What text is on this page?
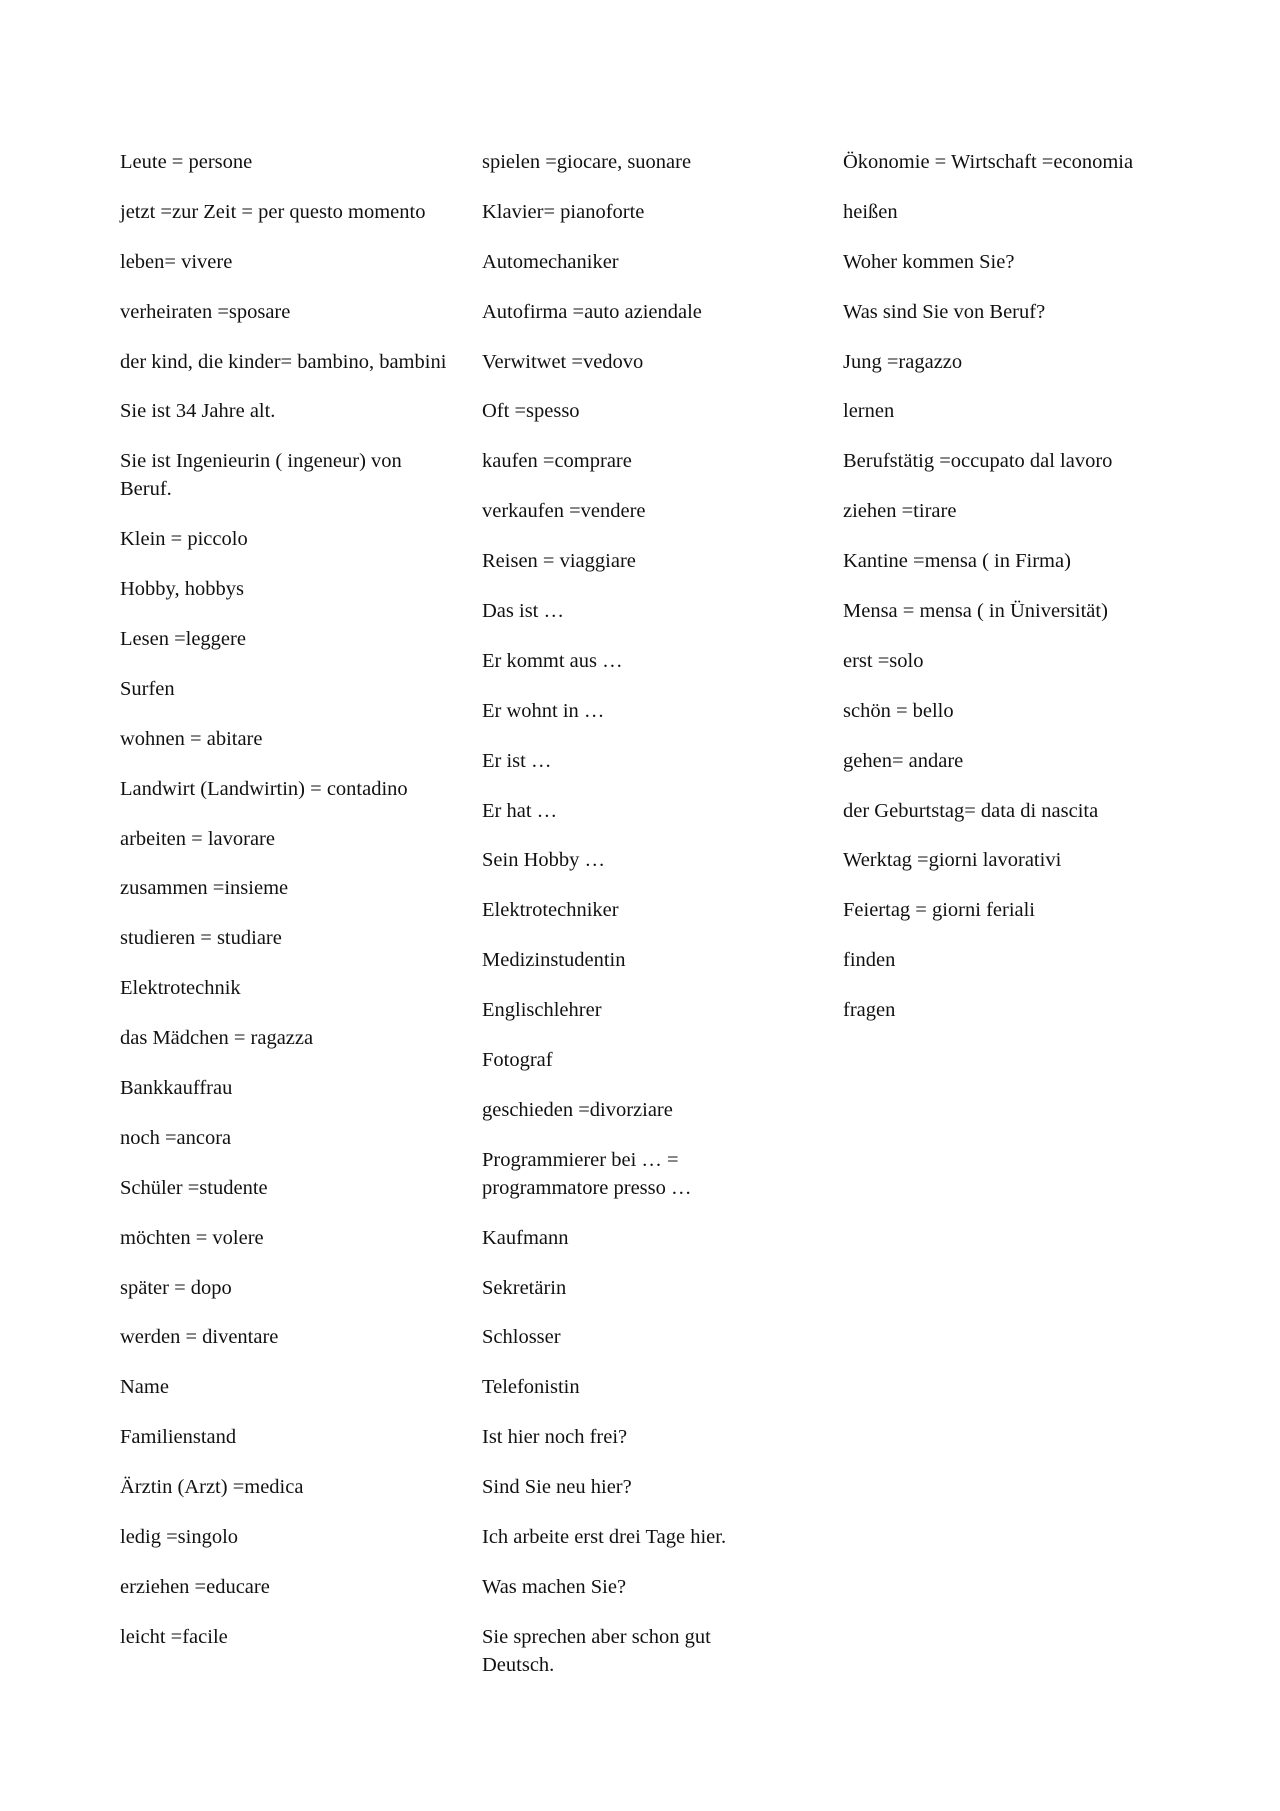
Leute = persone
jetzt =zur Zeit = per questo momento
leben= vivere
verheiraten =sposare
der kind, die kinder= bambino, bambini
Sie ist 34 Jahre alt.
Sie ist Ingenieurin ( ingeneur) von Beruf.
Klein = piccolo
Hobby, hobbys
Lesen =leggere
Surfen
wohnen = abitare
Landwirt (Landwirtin) = contadino
arbeiten = lavorare
zusammen =insieme
studieren = studiare
Elektrotechnik
das Mädchen = ragazza
Bankkauffrau
noch =ancora
Schüler =studente
möchten = volere
später = dopo
werden = diventare
Name
Familienstand
Ärztin (Arzt) =medica
ledig =singolo
erziehen =educare
leicht =facile
spielen =giocare, suonare
Klavier= pianoforte
Automechaniker
Autofirma =auto aziendale
Verwitwet =vedovo
Oft =spesso
kaufen =comprare
verkaufen =vendere
Reisen = viaggiare
Das ist …
Er kommt aus …
Er wohnt in …
Er ist …
Er hat …
Sein Hobby …
Elektrotechniker
Medizinstudentin
Englischlehrer
Fotograf
geschieden =divorziare
Programmierer bei … = programmatore presso …
Kaufmann
Sekretärin
Schlosser
Telefonistin
Ist hier noch frei?
Sind Sie neu hier?
Ich arbeite erst drei Tage hier.
Was machen Sie?
Sie sprechen aber schon gut Deutsch.
Ökonomie = Wirtschaft =economia
heißen
Woher kommen Sie?
Was sind Sie von Beruf?
Jung =ragazzo
lernen
Berufstätig =occupato dal lavoro
ziehen =tirare
Kantine =mensa ( in Firma)
Mensa = mensa ( in Üniversität)
erst =solo
schön = bello
gehen= andare
der Geburtstag= data di nascita
Werktag =giorni lavorativi
Feiertag = giorni feriali
finden
fragen
